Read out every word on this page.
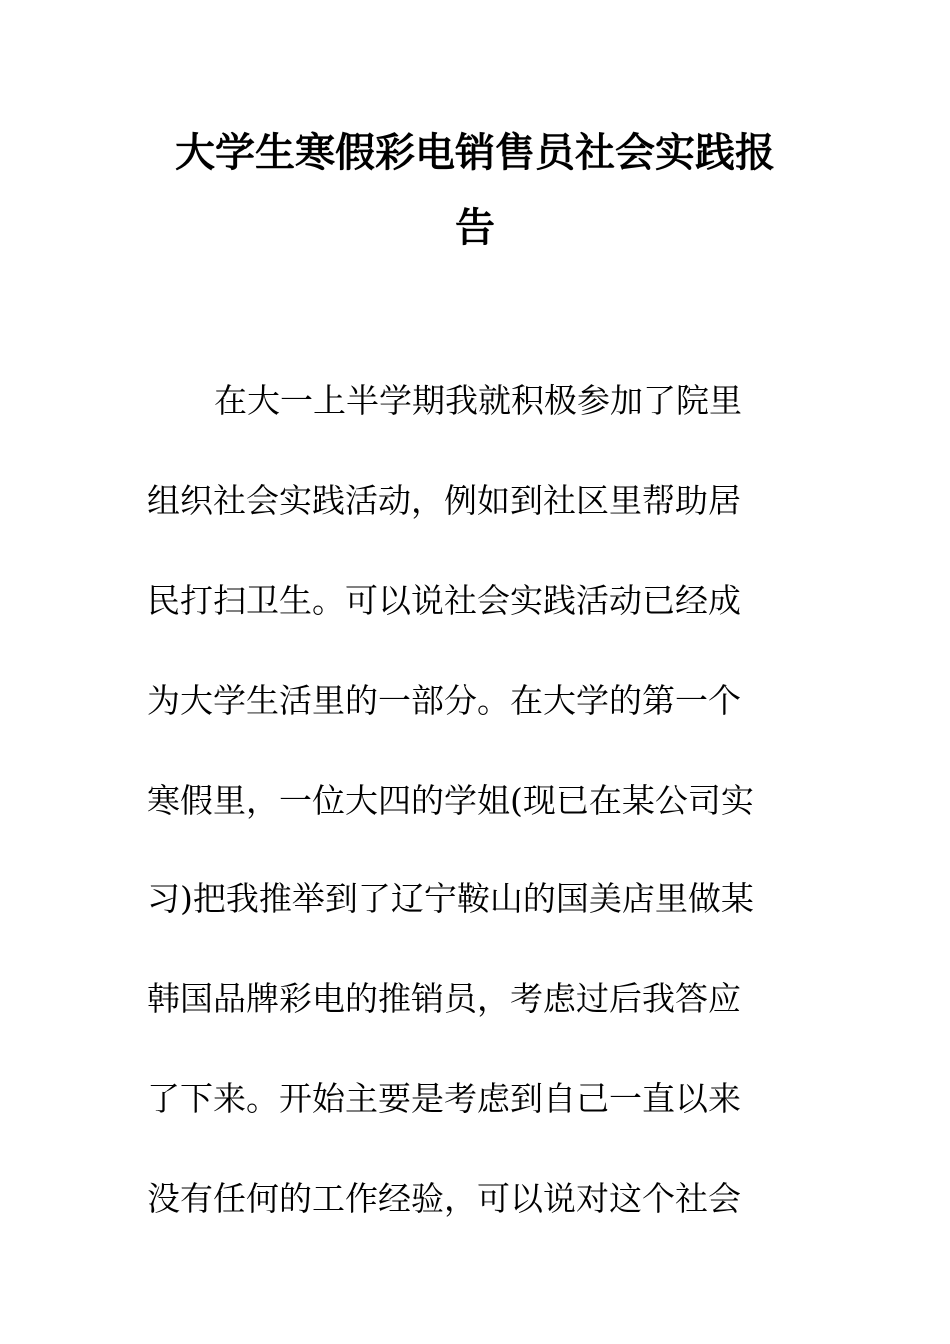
大学生寒假彩电销售员社会实践报
告
在大一上半学期我就积极参加了院里
组织社会实践活动，例如到社区里帮助居
民打扫卫生。可以说社会实践活动已经成
为大学生活里的一部分。在大学的第一个
寒假里，一位大四的学姐(现已在某公司实
习)把我推举到了辽宁鞍山的国美店里做某
韩国品牌彩电的推销员，考虑过后我答应
了下来。开始主要是考虑到自己一直以来
没有任何的工作经验，可以说对这个社会
